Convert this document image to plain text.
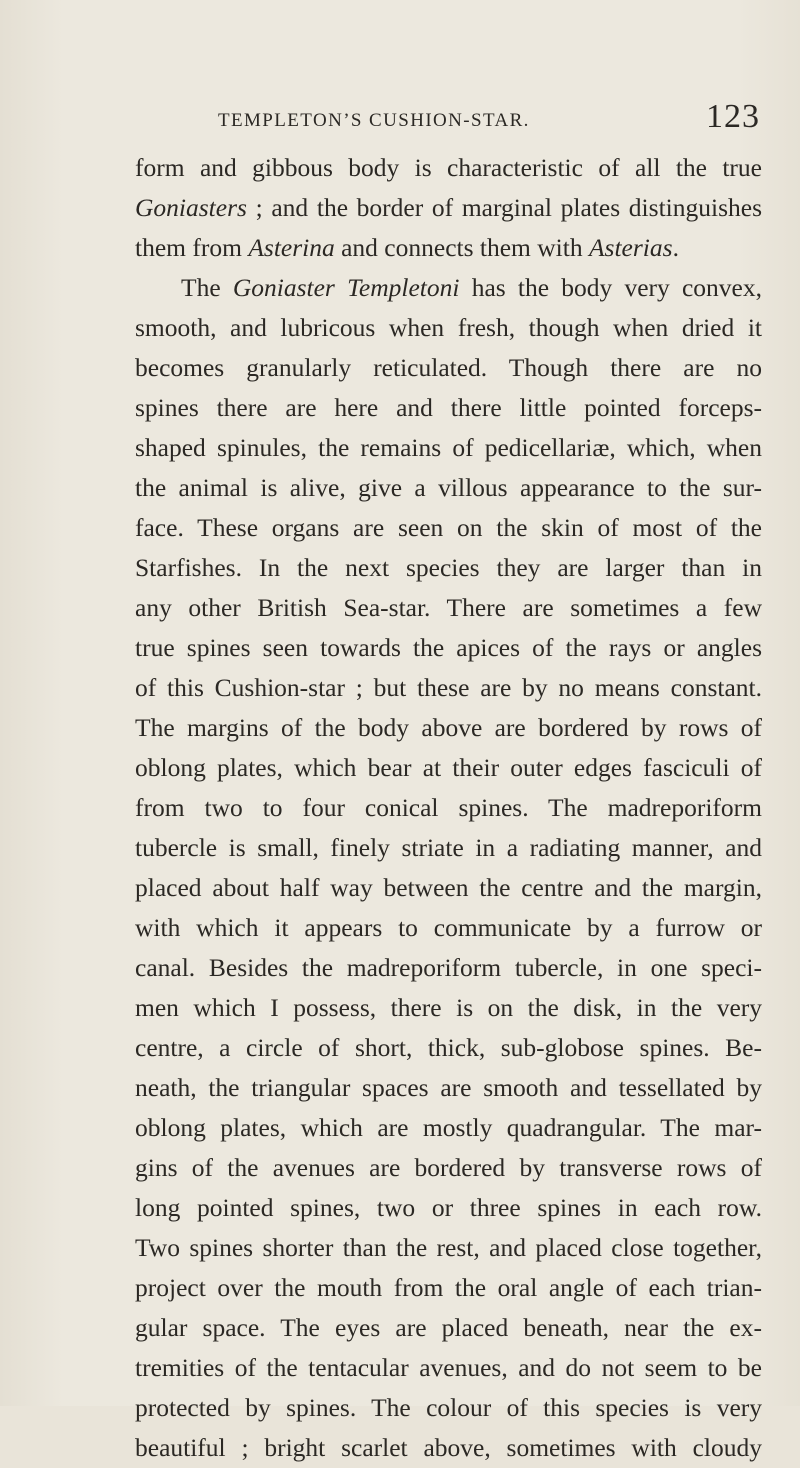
TEMPLETON’S CUSHION-STAR.	123
form and gibbous body is characteristic of all the true
Goniasters ; and the border of marginal plates distinguishes
them from Asterina and connects them with Asterias.
The Goniaster Templetoni has the body very convex,
smooth, and lubricous when fresh, though when dried it
becomes granularly reticulated. Though there are no
spines there are here and there little pointed forceps-
shaped spinules, the remains of pedicellariæ, which, when
the animal is alive, give a villous appearance to the sur-
face. These organs are seen on the skin of most of the
Starfishes. In the next species they are larger than in
any other British Sea-star. There are sometimes a few
true spines seen towards the apices of the rays or angles
of this Cushion-star ; but these are by no means constant.
The margins of the body above are bordered by rows of
oblong plates, which bear at their outer edges fasciculi of
from two to four conical spines. The madreporiform
tubercle is small, finely striate in a radiating manner, and
placed about half way between the centre and the margin,
with which it appears to communicate by a furrow or
canal. Besides the madreporiform tubercle, in one speci-
men which I possess, there is on the disk, in the very
centre, a circle of short, thick, sub-globose spines. Be-
neath, the triangular spaces are smooth and tessellated by
oblong plates, which are mostly quadrangular. The mar-
gins of the avenues are bordered by transverse rows of
long pointed spines, two or three spines in each row.
Two spines shorter than the rest, and placed close together,
project over the mouth from the oral angle of each trian-
gular space. The eyes are placed beneath, near the ex-
tremities of the tentacular avenues, and do not seem to be
protected by spines. The colour of this species is very
beautiful ; bright scarlet above, sometimes with cloudy
